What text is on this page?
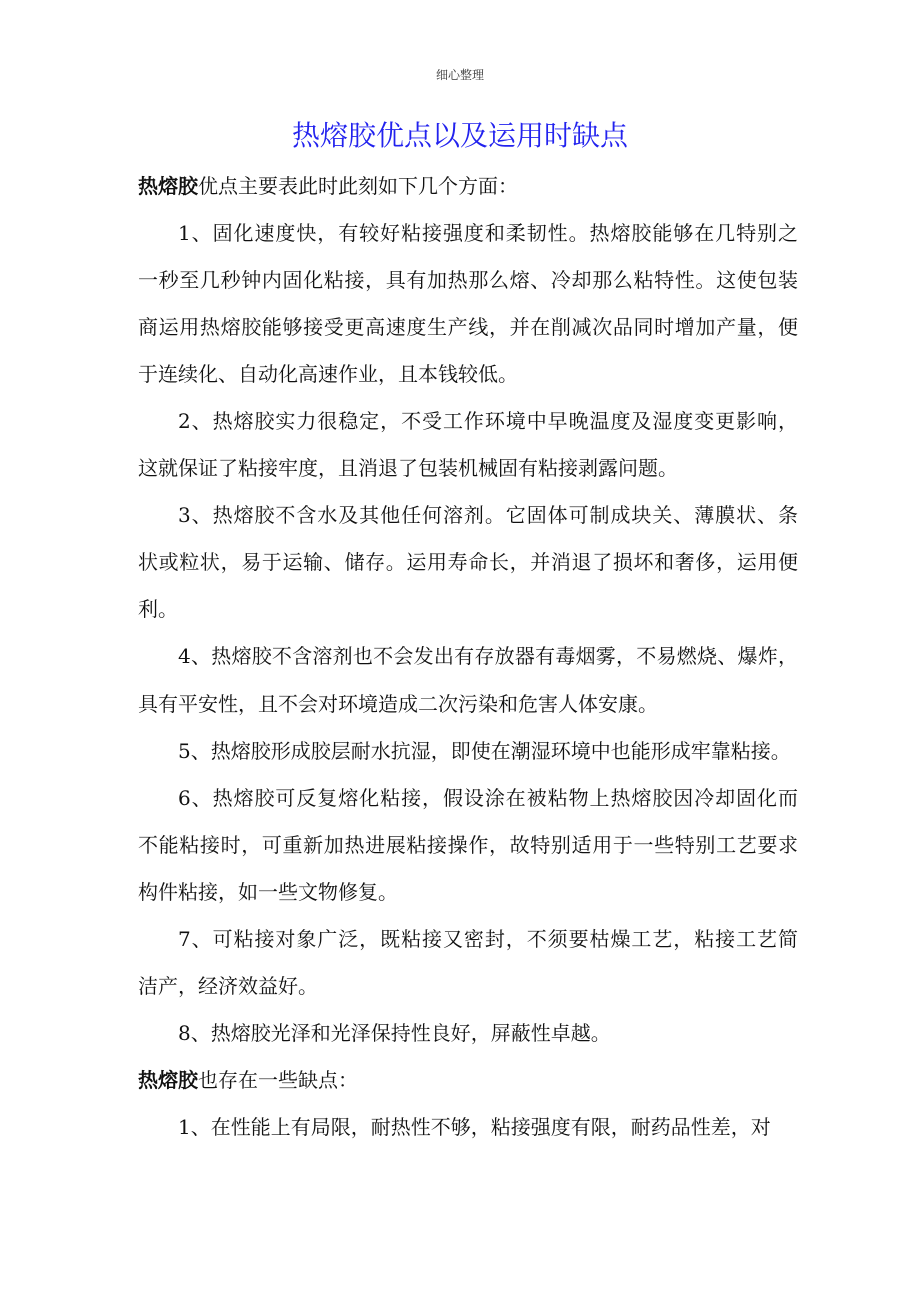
细心整理
热熔胶优点以及运用时缺点
热熔胶优点主要表此时此刻如下几个方面：
1、固化速度快，有较好粘接强度和柔韧性。热熔胶能够在几特别之
一秒至几秒钟内固化粘接，具有加热那么熔、冷却那么粘特性。这使包装
商运用热熔胶能够接受更高速度生产线，并在削减次品同时增加产量，便
于连续化、自动化高速作业，且本钱较低。
2、热熔胶实力很稳定，不受工作环境中早晚温度及湿度变更影响，
这就保证了粘接牢度，且消退了包装机械固有粘接剥露问题。
3、热熔胶不含水及其他任何溶剂。它固体可制成块关、薄膜状、条
状或粒状，易于运输、储存。运用寿命长，并消退了损坏和奢侈，运用便
利。
4、热熔胶不含溶剂也不会发出有存放器有毒烟雾，不易燃烧、爆炸，
具有平安性，且不会对环境造成二次污染和危害人体安康。
5、热熔胶形成胶层耐水抗湿，即使在潮湿环境中也能形成牢靠粘接。
6、热熔胶可反复熔化粘接，假设涂在被粘物上热熔胶因冷却固化而
不能粘接时，可重新加热进展粘接操作，故特别适用于一些特别工艺要求
构件粘接，如一些文物修复。
7、可粘接对象广泛，既粘接又密封，不须要枯燥工艺，粘接工艺简
洁产，经济效益好。
8、热熔胶光泽和光泽保持性良好，屏蔽性卓越。
热熔胶也存在一些缺点：
1、在性能上有局限，耐热性不够，粘接强度有限，耐药品性差，对
